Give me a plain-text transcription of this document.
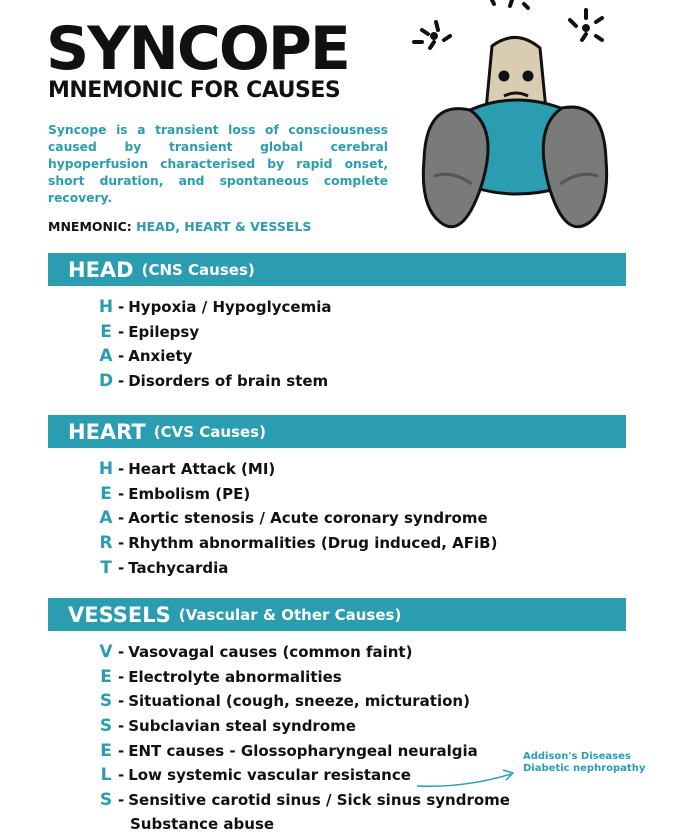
SYNCOPE
MNEMONIC FOR CAUSES

Syncope is a transient loss of consciousness caused by transient global cerebral hypoperfusion characterised by rapid onset, short duration, and spontaneous complete recovery.

MNEMONIC: HEAD, HEART & VESSELS

HEAD (CNS Causes)
H - Hypoxia / Hypoglycemia
E - Epilepsy
A - Anxiety
D - Disorders of brain stem
HEART (CVS Causes)
H - Heart Attack (MI)
E - Embolism (PE)
A - Aortic stenosis / Acute coronary syndrome
R - Rhythm abnormalities (Drug induced, AFiB)
T - Tachycardia
VESSELS (Vascular & Other Causes)
V - Vasovagal causes (common faint)
E - Electrolyte abnormalities
S - Situational (cough, sneeze, micturation)
S - Subclavian steal syndrome
E - ENT causes - Glossopharyngeal neuralgia
L - Low systemic vascular resistance
S - Sensitive carotid sinus / Sick sinus syndrome
Substance abuse
Addison's Diseases
Diabetic nephropathy
